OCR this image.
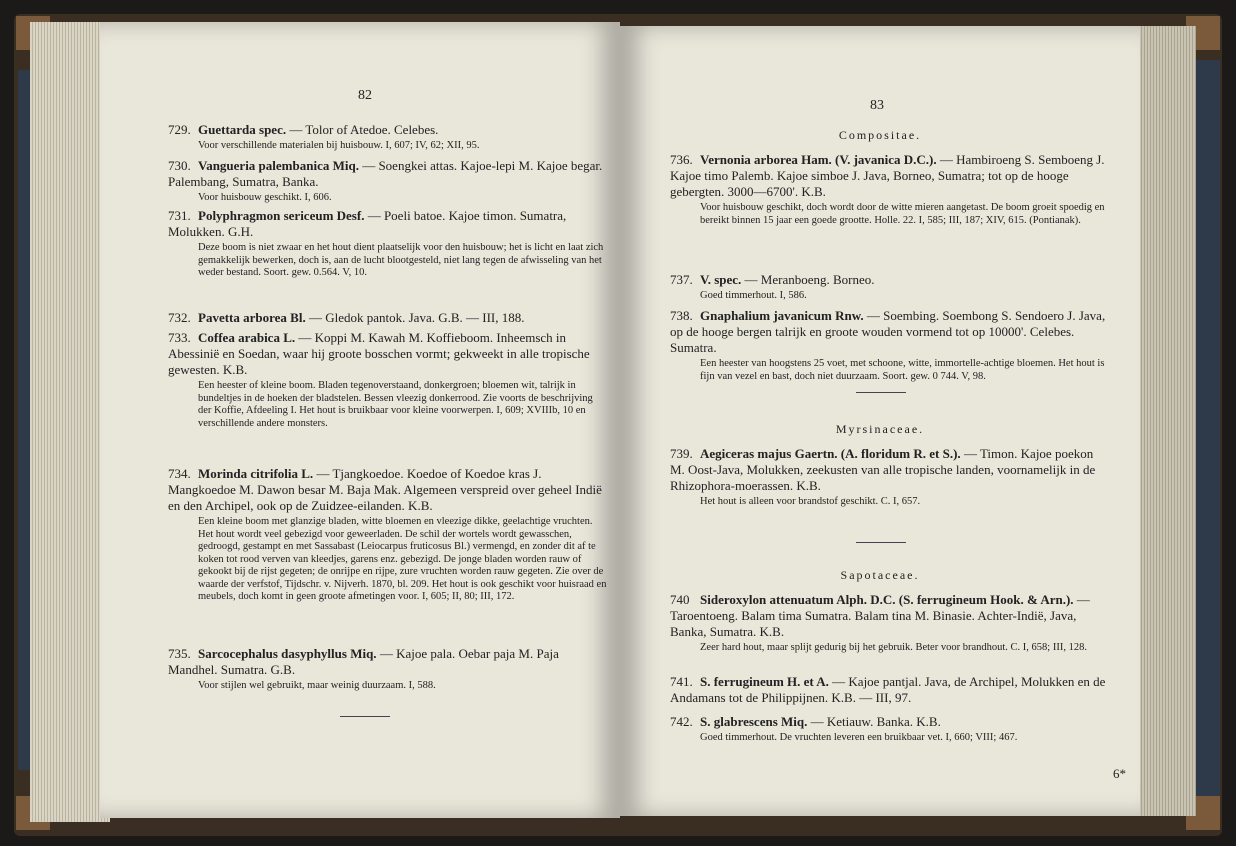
82
729. Guettarda spec. — Tolor of Atedoe. Celebes.
Voor verschillende materialen bij huisbouw. I, 607; IV, 62; XII, 95.
730. Vangueria palembanica Miq. — Soengkei attas. Kajoe-lepi M. Kajoe begar. Palembang, Sumatra, Banka.
Voor huisbouw geschikt. I, 606.
731. Polyphragmon sericeum Desf. — Poeli batoe. Kajoe timon. Sumatra, Molukken. G.H.
Deze boom is niet zwaar en het hout dient plaatselijk voor den huisbouw; het is licht en laat zich gemakkelijk bewerken, doch is, aan de lucht blootgesteld, niet lang tegen de afwisseling van het weder bestand. Soort. gew. 0.564. V, 10.
732. Pavetta arborea Bl. — Gledok pantok. Java. G.B. — III, 188.
733. Coffea arabica L. — Koppi M. Kawah M. Koffieboom. Inheemsch in Abessinië en Soedan, waar hij groote bosschen vormt; gekweekt in alle tropische gewesten. K.B.
Een heester of kleine boom. Bladen tegenoverstaand, donkergroen; bloemen wit, talrijk in bundeltjes in de hoeken der bladstelen. Bessen vleezig donkerrood. Zie voorts de beschrijving der Koffie, Afdeeling I. Het hout is bruikbaar voor kleine voorwerpen. I, 609; XVIIIb, 10 en verschillende andere monsters.
734. Morinda citrifolia L. — Tjangkoedoe. Koedoe of Koedoe kras J. Mangkoedoe M. Dawon besar M. Baja Mak. Algemeen verspreid over geheel Indië en den Archipel, ook op de Zuidzee-eilanden. K.B.
Een kleine boom met glanzige bladen, witte bloemen en vleezige dikke, geelachtige vruchten. Het hout wordt veel gebezigd voor geweerladen. De schil der wortels wordt gewasschen, gedroogd, gestampt en met Sassabast (Leiocarpus fruticosus Bl.) vermengd, en zonder dit af te koken tot rood verven van kleedjes, garens enz. gebezigd. De jonge bladen worden rauw of gekookt bij de rijst gegeten; de onrijpe en rijpe, zure vruchten worden rauw gegeten. Zie over de waarde der verfstof, Tijdschr. v. Nijverh. 1870, bl. 209. Het hout is ook geschikt voor huisraad en meubels, doch komt in geen groote afmetingen voor. I, 605; II, 80; III, 172.
735. Sarcocephalus dasyphyllus Miq. — Kajoe pala. Oebar paja M. Paja Mandhel. Sumatra. G.B.
Voor stijlen wel gebruikt, maar weinig duurzaam. I, 588.
83
Compositae.
736. Vernonia arborea Ham. (V. javanica D.C.). — Hambiroeng S. Semboeng J. Kajoe timo Palemb. Kajoe simboe J. Java, Borneo, Sumatra; tot op de hooge gebergten. 3000—6700'. K.B.
Voor huisbouw geschikt, doch wordt door de witte mieren aangetast. De boom groeit spoedig en bereikt binnen 15 jaar een goede grootte. Holle. 22. I, 585; III, 187; XIV, 615. (Pontianak).
737. V. spec. — Meranboeng. Borneo.
Goed timmerhout. I, 586.
738. Gnaphalium javanicum Rnw. — Soembing. Soembong S. Sendoero J. Java, op de hooge bergen talrijk en groote wouden vormend tot op 10000'. Celebes. Sumatra.
Een heester van hoogstens 25 voet, met schoone, witte, immortelle-achtige bloemen. Het hout is fijn van vezel en bast, doch niet duurzaam. Soort. gew. 0 744. V, 98.
Myrsinaceae.
739. Aegiceras majus Gaertn. (A. floridum R. et S.). — Timon. Kajoe poekon M. Oost-Java, Molukken, zeekusten van alle tropische landen, voornamelijk in de Rhizophora-moerassen. K.B.
Het hout is alleen voor brandstof geschikt. C. I, 657.
Sapotaceae.
740 Sideroxylon attenuatum Alph. D.C. (S. ferrugineum Hook. & Arn.). — Taroentoeng. Balam tima Sumatra. Balam tina M. Binasie. Achter-Indië, Java, Banka, Sumatra. K.B.
Zeer hard hout, maar splijt gedurig bij het gebruik. Beter voor brandhout. C. I, 658; III, 128.
741. S. ferrugineum H. et A. — Kajoe pantjal. Java, de Archipel, Molukken en de Andamans tot de Philippijnen. K.B. — III, 97.
742. S. glabrescens Miq. — Ketiauw. Banka. K.B.
Goed timmerhout. De vruchten leveren een bruikbaar vet. I, 660; VIII; 467.
6*
